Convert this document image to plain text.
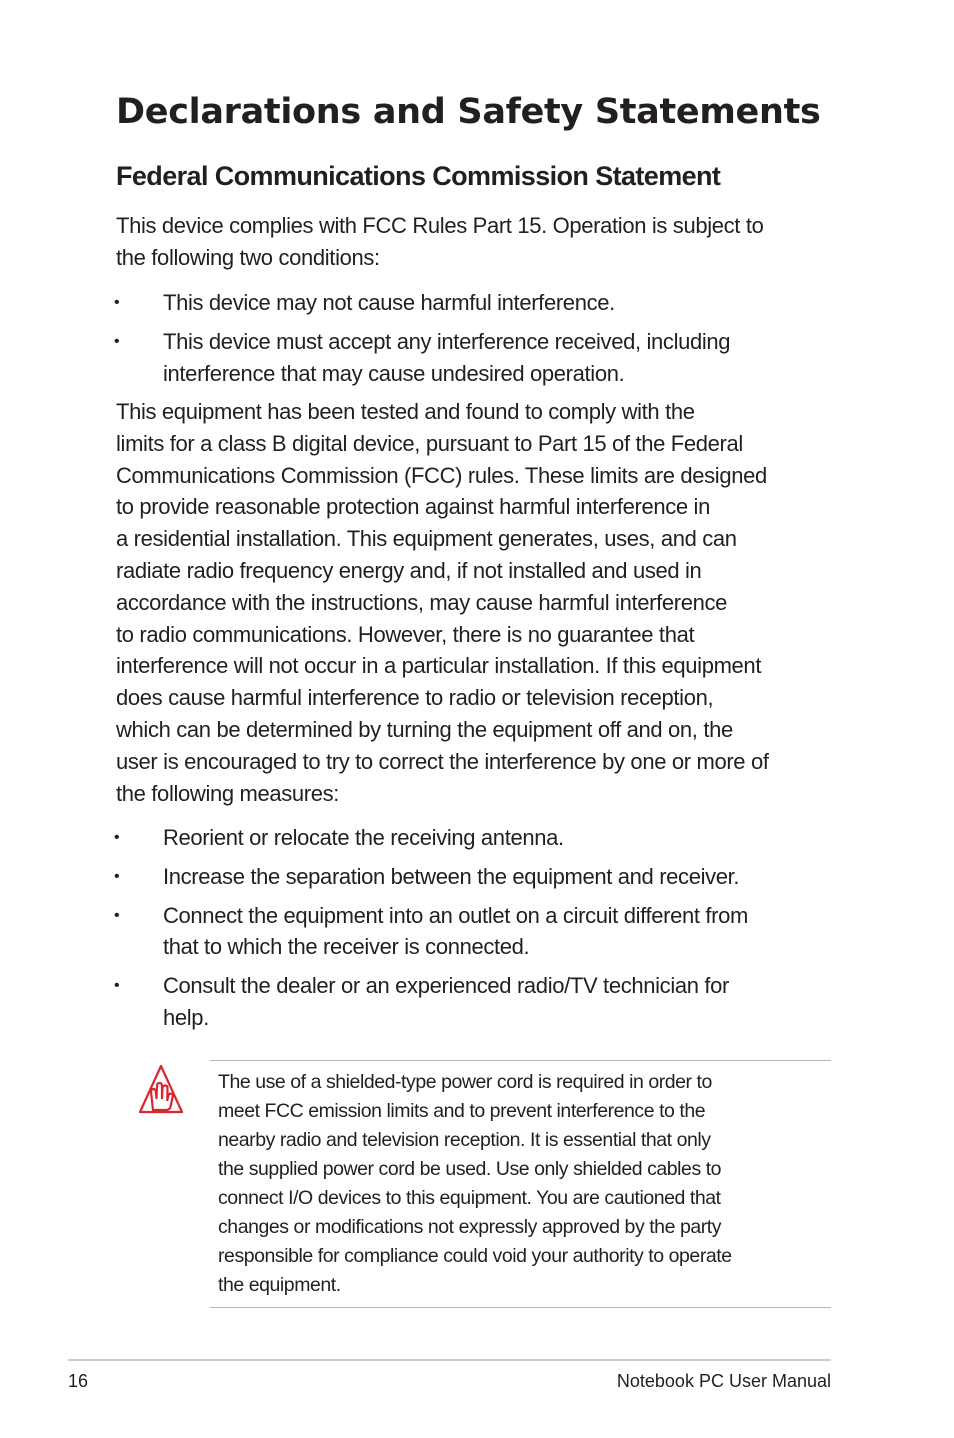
Declarations and Safety Statements
Federal Communications Commission Statement

This device complies with FCC Rules Part 15. Operation is subject to
the following two conditions:

• This device may not cause harmful interference.
• This device must accept any interference received, including
interference that may cause undesired operation.

This equipment has been tested and found to comply with the
limits for a class B digital device, pursuant to Part 15 of the Federal
Communications Commission (FCC) rules. These limits are designed
to provide reasonable protection against harmful interference in
a residential installation. This equipment generates, uses, and can
radiate radio frequency energy and, if not installed and used in
accordance with the instructions, may cause harmful interference
to radio communications. However, there is no guarantee that
interference will not occur in a particular installation. If this equipment
does cause harmful interference to radio or television reception,
which can be determined by turning the equipment off and on, the
user is encouraged to try to correct the interference by one or more of
the following measures:

• Reorient or relocate the receiving antenna.
• Increase the separation between the equipment and receiver.
• Connect the equipment into an outlet on a circuit different from
that to which the receiver is connected.
• Consult the dealer or an experienced radio/TV technician for
help.

The use of a shielded-type power cord is required in order to
meet FCC emission limits and to prevent interference to the
nearby radio and television reception. It is essential that only
the supplied power cord be used. Use only shielded cables to
connect I/O devices to this equipment. You are cautioned that
changes or modifications not expressly approved by the party
responsible for compliance could void your authority to operate
the equipment.

16	Notebook PC User Manual
